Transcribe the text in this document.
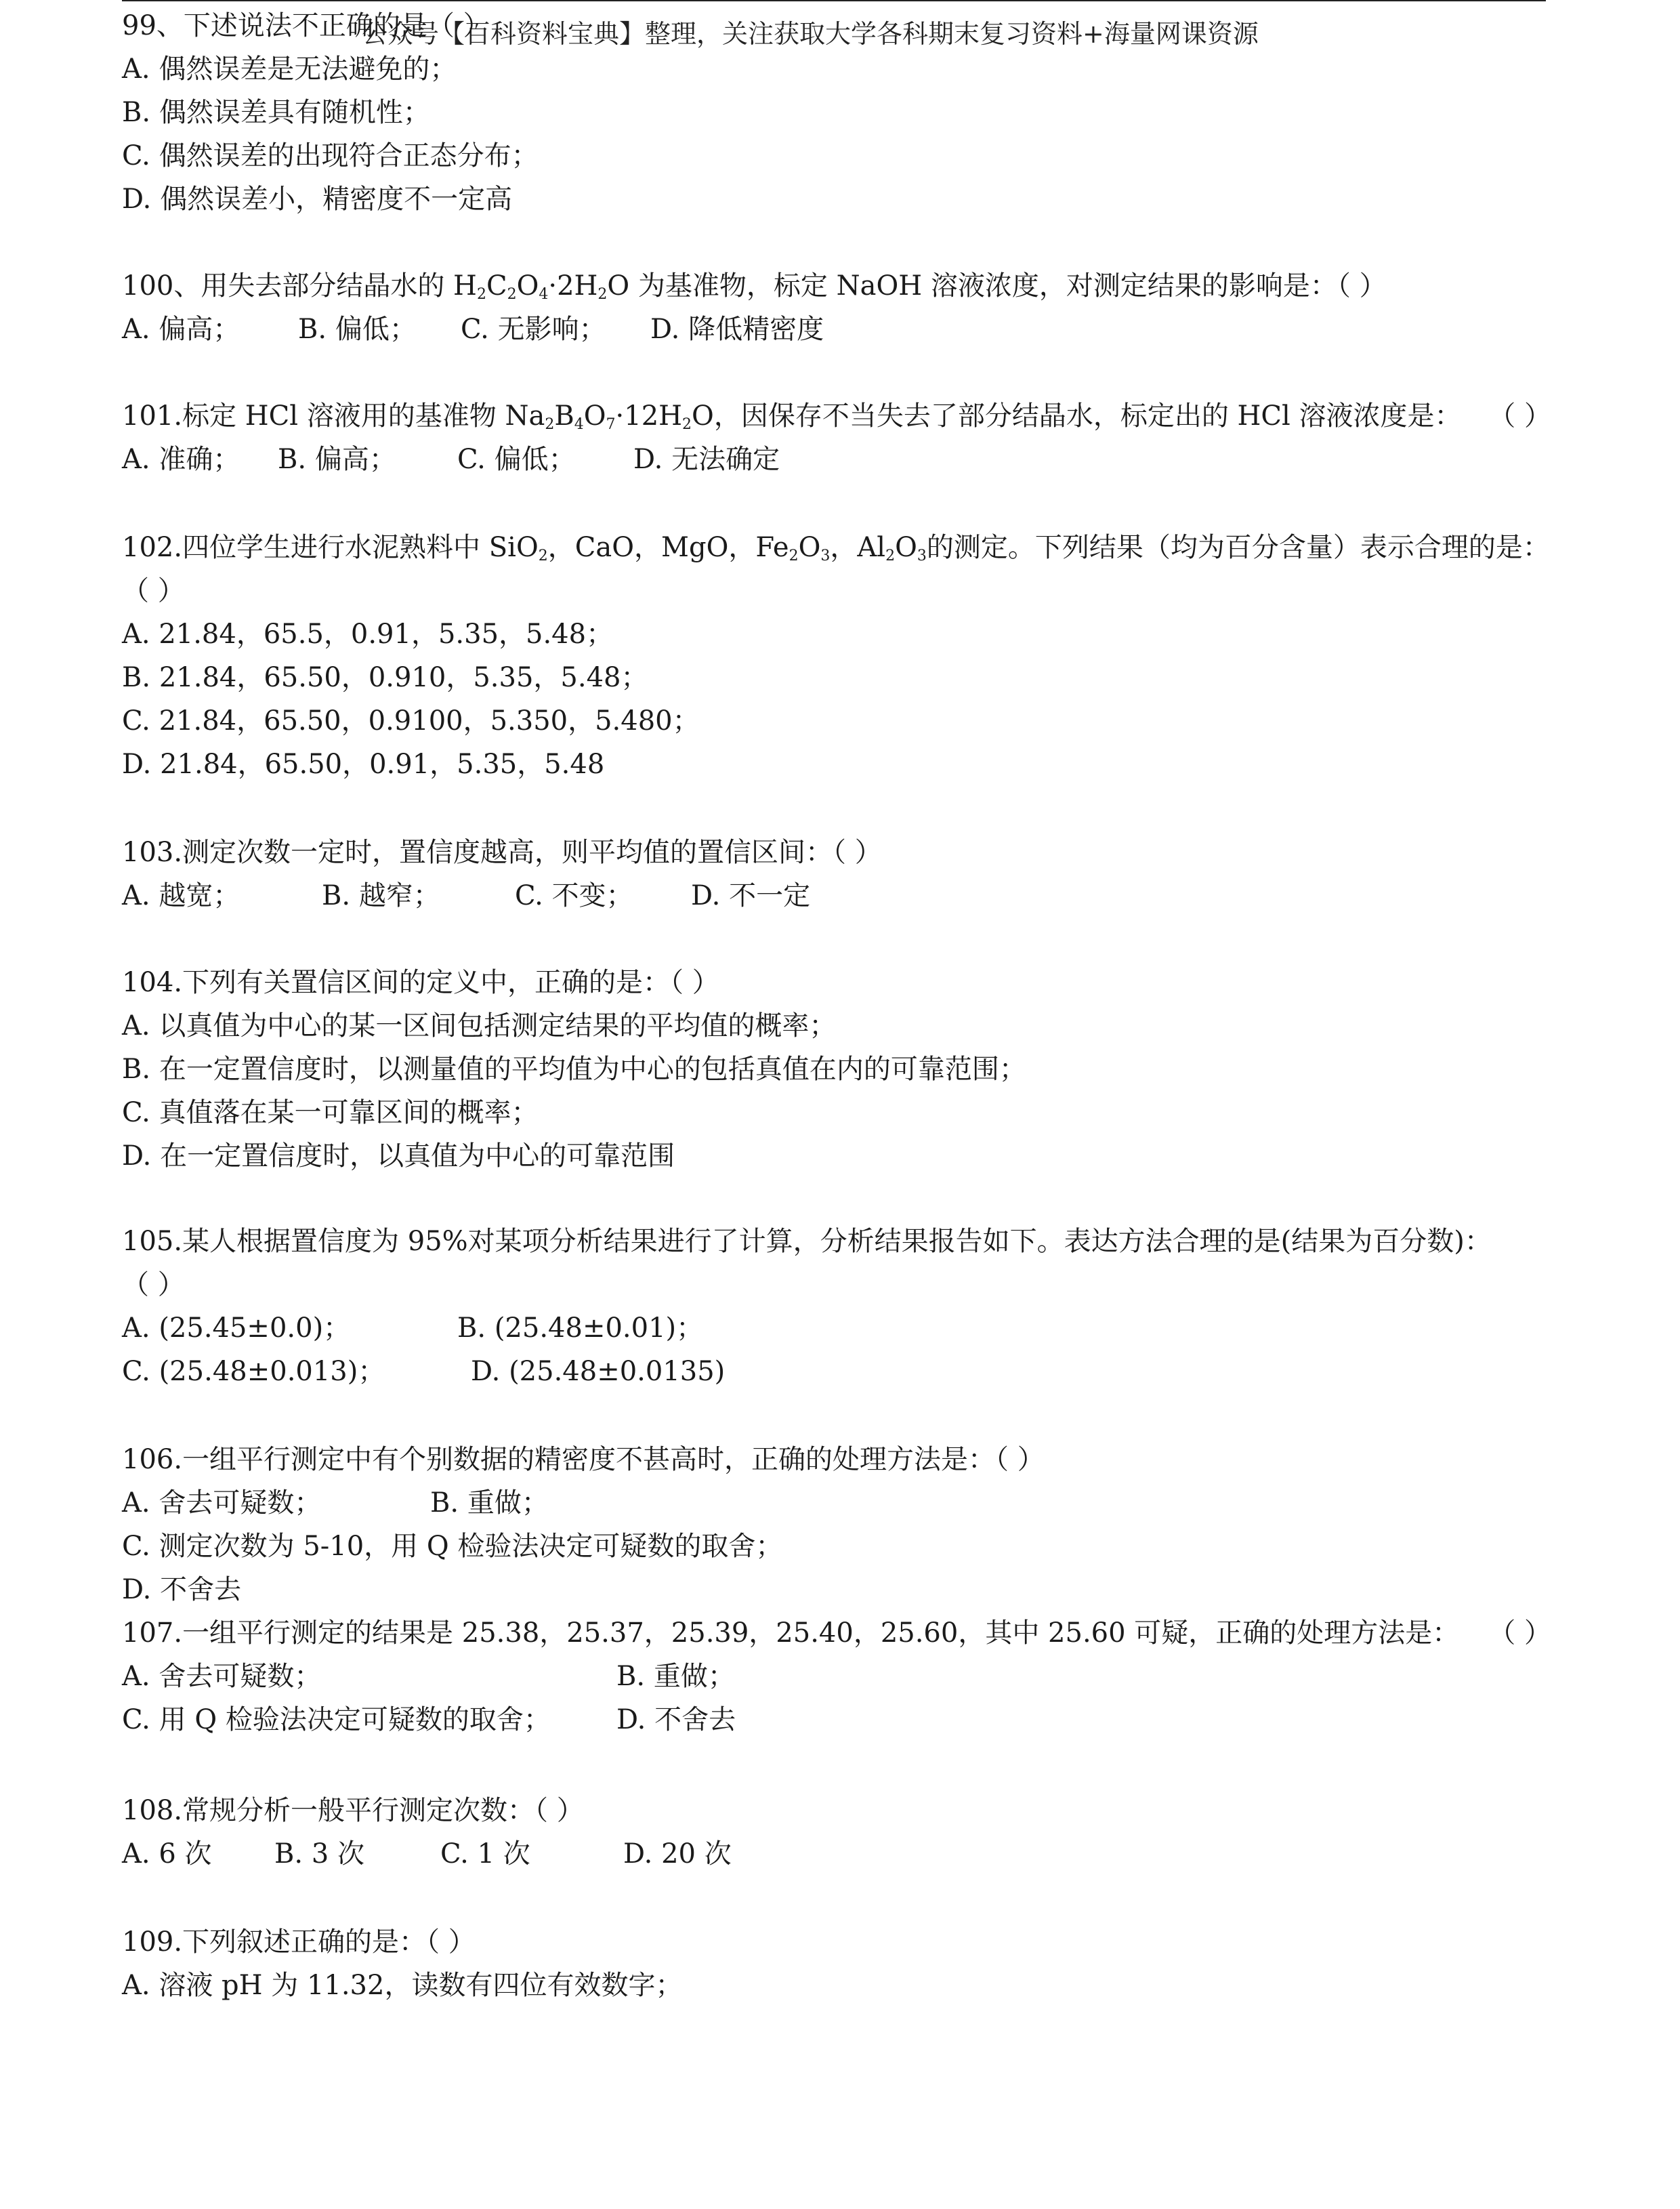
公众号【百科资料宝典】整理，关注获取大学各科期末复习资料+海量网课资源
99、下述说法不正确的是（ ）
A. 偶然误差是无法避免的；
B. 偶然误差具有随机性；
C. 偶然误差的出现符合正态分布；
D. 偶然误差小，精密度不一定高
100、用失去部分结晶水的 $H_2C_2O_4\cdot 2H_2O$ 为基准物，标定 NaOH 溶液浓度，对测定结果的影响是：（ ）
A. 偏高； B. 偏低； C. 无影响； D. 降低精密度
101.标定 HCl 溶液用的基准物 $Na_2B_4O_7\cdot 12H_2O$，因保存不当失去了部分结晶水，标定出的 HCl 溶液浓度是： （ ）
A. 准确； B. 偏高； C. 偏低； D. 无法确定
102.四位学生进行水泥熟料中 SiO$_2$，CaO，MgO，$Fe_2O_3$，$Al_2O_3$的测定。下列结果（均为百分含量）表示合理的是：
（ ）
A. 21.84，65.5，0.91，5.35，5.48；
B. 21.84，65.50，0.910，5.35，5.48；
C. 21.84，65.50，0.9100，5.350，5.480；
D. 21.84，65.50，0.91，5.35，5.48
103.测定次数一定时，置信度越高，则平均值的置信区间：（ ）
A. 越宽；	B. 越窄；	C. 不变； D. 不一定
104.下列有关置信区间的定义中，正确的是：（ ）
A. 以真值为中心的某一区间包括测定结果的平均值的概率；
B. 在一定置信度时，以测量值的平均值为中心的包括真值在内的可靠范围；
C. 真值落在某一可靠区间的概率；
D. 在一定置信度时，以真值为中心的可靠范围
105.某人根据置信度为 95%对某项分析结果进行了计算，分析结果报告如下。表达方法合理的是(结果为百分数)：
（ ）
A. (25.45±0.0)；	B. (25.48±0.01)；
C. (25.48±0.013)；	D. (25.48±0.0135)
106.一组平行测定中有个别数据的精密度不甚高时，正确的处理方法是：（ ）
A. 舍去可疑数；	B. 重做；
C. 测定次数为 5-10，用 Q 检验法决定可疑数的取舍；
D. 不舍去
107.一组平行测定的结果是 25.38，25.37，25.39，25.40，25.60，其中 25.60 可疑，正确的处理方法是： （ ）
A. 舍去可疑数；	B. 重做；
C. 用 Q 检验法决定可疑数的取舍； D. 不舍去
108.常规分析一般平行测定次数：（ ）
A. 6 次 B. 3 次	C. 1 次	D. 20 次
109.下列叙述正确的是：（ ）
A. 溶液 pH 为 11.32，读数有四位有效数字；
